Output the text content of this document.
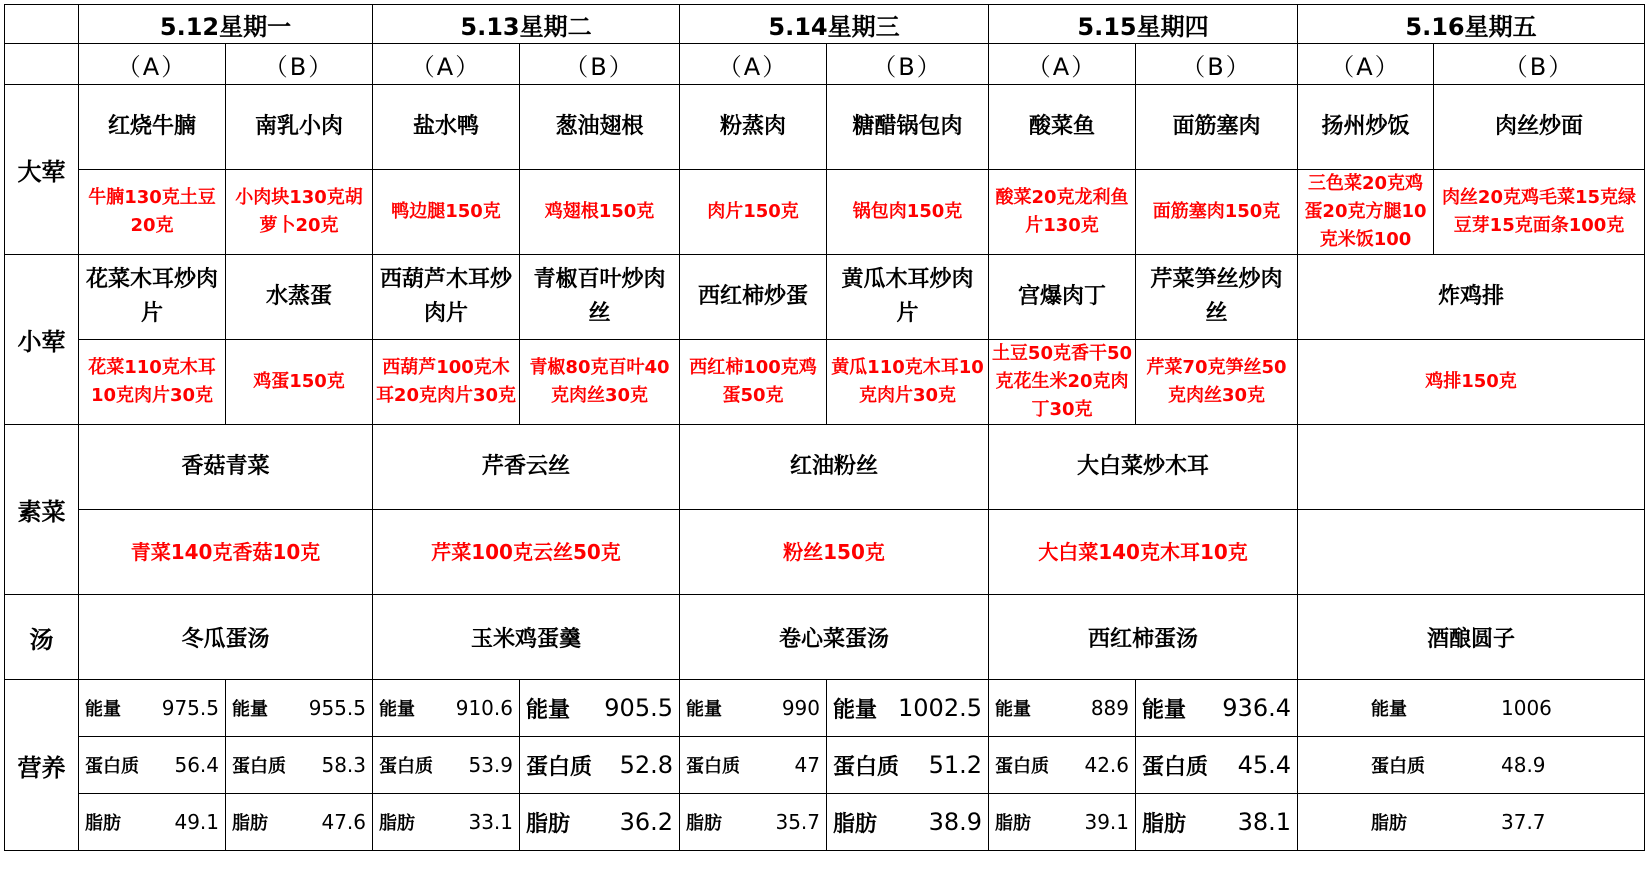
	5.12星期一		5.13星期二		5.14星期三		5.15星期四		5.16星期五	
	（A）	（B）	（A）	（B）	（A）	（B）	（A）	（B）	（A）	（B）
大荤	红烧牛腩	南乳小肉	盐水鸭	葱油翅根	粉蒸肉	糖醋锅包肉	酸菜鱼	面筋塞肉	扬州炒饭	肉丝炒面
	牛腩130克土豆20克	小肉块130克胡萝卜20克	鸭边腿150克	鸡翅根150克	肉片150克	锅包肉150克	酸菜20克龙利鱼片130克	面筋塞肉150克	三色菜20克鸡蛋20克方腿10克米饭100	肉丝20克鸡毛菜15克绿豆芽15克面条100克
小荤	花菜木耳炒肉片	水蒸蛋	西葫芦木耳炒肉片	青椒百叶炒肉丝	西红柿炒蛋	黄瓜木耳炒肉片	宫爆肉丁	芹菜笋丝炒肉丝	炸鸡排	
	花菜110克木耳10克肉片30克	鸡蛋150克	西葫芦100克木耳20克肉片30克	青椒80克百叶40克肉丝30克	西红柿100克鸡蛋50克	黄瓜110克木耳10克肉片30克	土豆50克香干50克花生米20克肉丁30克	芹菜70克笋丝50克肉丝30克	鸡排150克	
素菜	香菇青菜		芹香云丝		红油粉丝		大白菜炒木耳			
	青菜140克香菇10克		芹菜100克云丝50克		粉丝150克		大白菜140克木耳10克			
汤	冬瓜蛋汤		玉米鸡蛋羹		卷心菜蛋汤		西红柿蛋汤		酒酿圆子	
营养	能量 975.5	能量 955.5	能量 910.6	能量 905.5	能量 990	能量 1002.5	能量 889	能量 936.4	能量 1006	

	蛋白质 56.4	蛋白质 58.3	蛋白质 53.9	蛋白质 52.8	蛋白质 47	蛋白质 51.2	蛋白质 42.6	蛋白质 45.4	蛋白质 48.9	

	脂肪 49.1	脂肪 47.6	脂肪 33.1	脂肪 36.2	脂肪 35.7	脂肪 38.9	脂肪 39.1	脂肪 38.1	脂肪 37.7	
